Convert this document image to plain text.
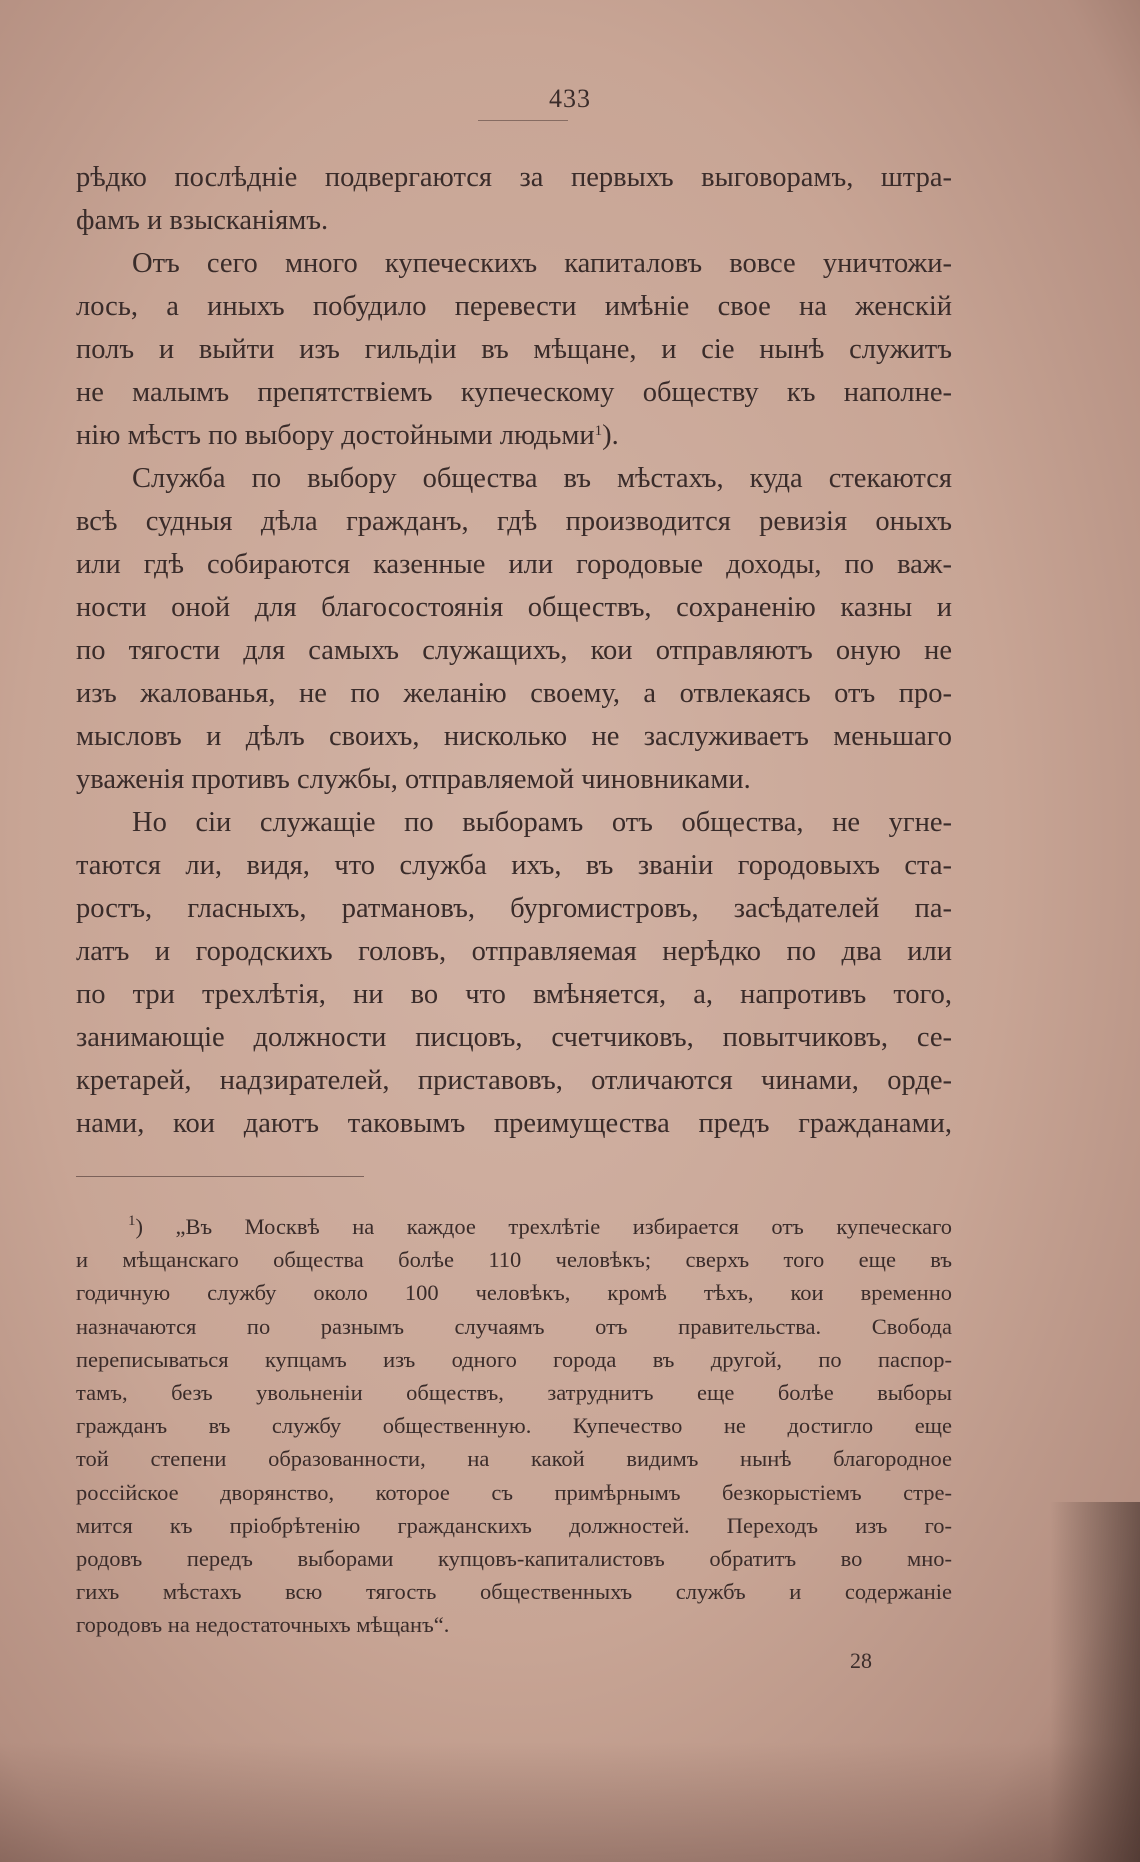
433
рѣдко послѣдніе подвергаются за первыхъ выговорамъ, штра-
фамъ и взысканіямъ.
Отъ сего много купеческихъ капиталовъ вовсе уничтожи-
лось, а иныхъ побудило перевести имѣніе свое на женскій
полъ и выйти изъ гильдіи въ мѣщане, и сіе нынѣ служитъ
не малымъ препятствіемъ купеческому обществу къ наполне-
нію мѣстъ по выбору достойными людьми$^1$).
Служба по выбору общества въ мѣстахъ, куда стекаются
всѣ судныя дѣла гражданъ, гдѣ производится ревизія оныхъ
или гдѣ собираются казенные или городовые доходы, по важ-
ности оной для благосостоянія обществъ, сохраненію казны и
по тягости для самыхъ служащихъ, кои отправляютъ оную не
изъ жалованья, не по желанію своему, а отвлекаясь отъ про-
мысловъ и дѣлъ своихъ, нисколько не заслуживаетъ меньшаго
уваженія противъ службы, отправляемой чиновниками.
Но сіи служащіе по выборамъ отъ общества, не угне-
таются ли, видя, что служба ихъ, въ званіи городовыхъ ста-
ростъ, гласныхъ, ратмановъ, бургомистровъ, засѣдателей па-
латъ и городскихъ головъ, отправляемая нерѣдко по два или
по три трехлѣтія, ни во что вмѣняется, а, напротивъ того,
занимающіе должности писцовъ, счетчиковъ, повытчиковъ, се-
кретарей, надзирателей, приставовъ, отличаются чинами, орде-
нами, кои даютъ таковымъ преимущества предъ гражданами,
$^1$) „Въ Москвѣ на каждое трехлѣтіе избирается отъ купеческаго
и мѣщанскаго общества болѣе 110 человѣкъ; сверхъ того еще въ
годичную службу около 100 человѣкъ, кромѣ тѣхъ, кои временно
назначаются по разнымъ случаямъ отъ правительства. Свобода
переписываться купцамъ изъ одного города въ другой, по паспор-
тамъ, безъ увольненіи обществъ, затруднитъ еще болѣе выборы
гражданъ въ службу общественную. Купечество не достигло еще
той степени образованности, на какой видимъ нынѣ благородное
россійское дворянство, которое съ примѣрнымъ безкорыстіемъ стре-
мится къ пріобрѣтенію гражданскихъ должностей. Переходъ изъ го-
родовъ передъ выборами купцовъ-капиталистовъ обратитъ во мно-
гихъ мѣстахъ всю тягость общественныхъ службъ и содержаніе
городовъ на недостаточныхъ мѣщанъ“.
28
